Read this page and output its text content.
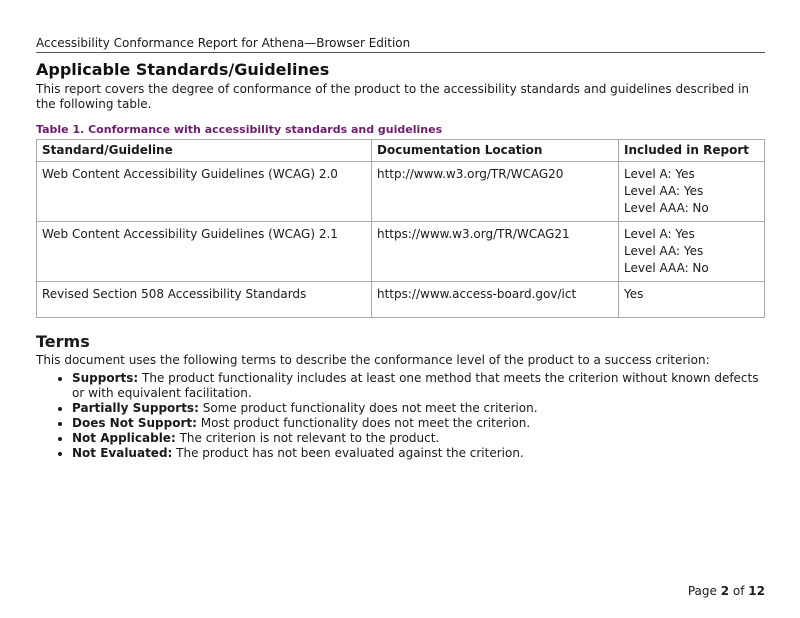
Accessibility Conformance Report for Athena—Browser Edition
Applicable Standards/Guidelines

This report covers the degree of conformance of the product to the accessibility standards and guidelines described in the following table.

Table 1. Conformance with accessibility standards and guidelines
Standard/Guideline	Documentation Location	Included in Report
Web Content Accessibility Guidelines (WCAG) 2.0	http://www.w3.org/TR/WCAG20	Level A: Yes
Level AA: Yes
Level AAA: No

Web Content Accessibility Guidelines (WCAG) 2.1	https://www.w3.org/TR/WCAG21	Level A: Yes
Level AA: Yes
Level AAA: No

Revised Section 508 Accessibility Standards	https://www.access-board.gov/ict	Yes
Terms

This document uses the following terms to describe the conformance level of the product to a success criterion:

• Supports: The product functionality includes at least one method that meets the criterion without known defects or with equivalent facilitation.
• Partially Supports: Some product functionality does not meet the criterion.
• Does Not Support: Most product functionality does not meet the criterion.
• Not Applicable: The criterion is not relevant to the product.
• Not Evaluated: The product has not been evaluated against the criterion.
Page 2 of 12
